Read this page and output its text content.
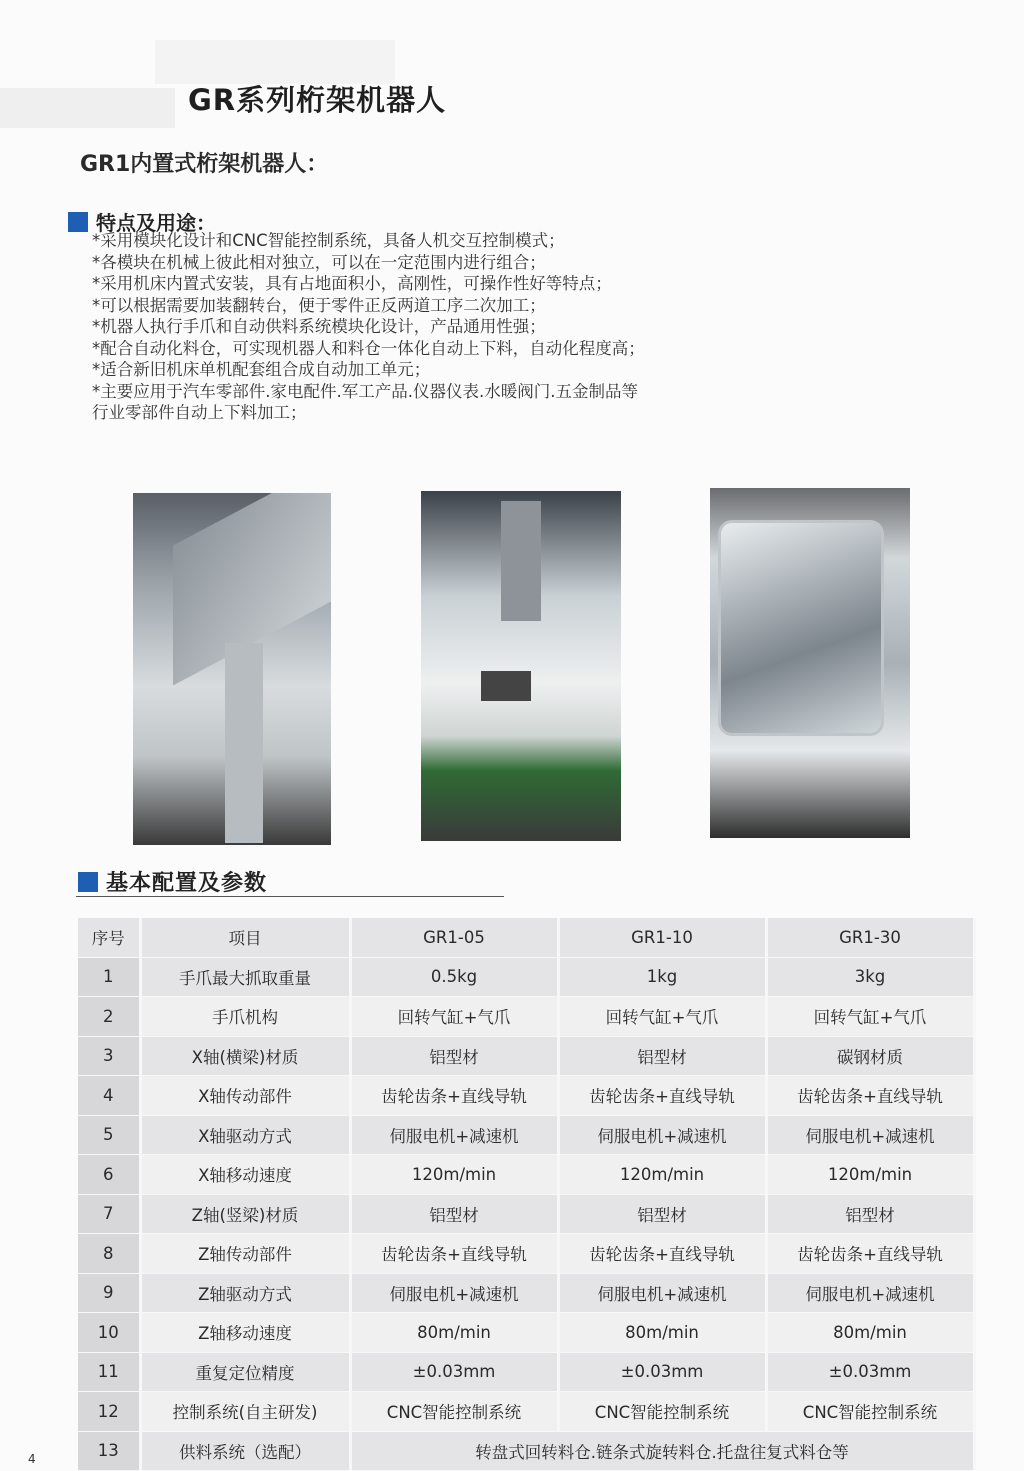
GR系列桁架机器人
GR1内置式桁架机器人：
特点及用途：
*采用模块化设计和CNC智能控制系统，具备人机交互控制模式；
*各模块在机械上彼此相对独立，可以在一定范围内进行组合；
*采用机床内置式安装，具有占地面积小，高刚性，可操作性好等特点；
*可以根据需要加装翻转台，便于零件正反两道工序二次加工；
*机器人执行手爪和自动供料系统模块化设计，产品通用性强；
*配合自动化料仓，可实现机器人和料仓一体化自动上下料，自动化程度高；
*适合新旧机床单机配套组合成自动加工单元；
*主要应用于汽车零部件.家电配件.军工产品.仪器仪表.水暖阀门.五金制品等
行业零部件自动上下料加工；
基本配置及参数
序号	项目	GR1-05	GR1-10	GR1-30
1	手爪最大抓取重量	0.5kg	1kg	3kg
2	手爪机构	回转气缸+气爪	回转气缸+气爪	回转气缸+气爪
3	X轴(横梁)材质	铝型材	铝型材	碳钢材质
4	X轴传动部件	齿轮齿条+直线导轨	齿轮齿条+直线导轨	齿轮齿条+直线导轨
5	X轴驱动方式	伺服电机+减速机	伺服电机+减速机	伺服电机+减速机
6	X轴移动速度	120m/min	120m/min	120m/min
7	Z轴(竖梁)材质	铝型材	铝型材	铝型材
8	Z轴传动部件	齿轮齿条+直线导轨	齿轮齿条+直线导轨	齿轮齿条+直线导轨
9	Z轴驱动方式	伺服电机+减速机	伺服电机+减速机	伺服电机+减速机
10	Z轴移动速度	80m/min	80m/min	80m/min
11	重复定位精度	±0.03mm	±0.03mm	±0.03mm
12	控制系统(自主研发)	CNC智能控制系统	CNC智能控制系统	CNC智能控制系统
13	供料系统（选配）	转盘式回转料仓.链条式旋转料仓.托盘往复式料仓等		
4
